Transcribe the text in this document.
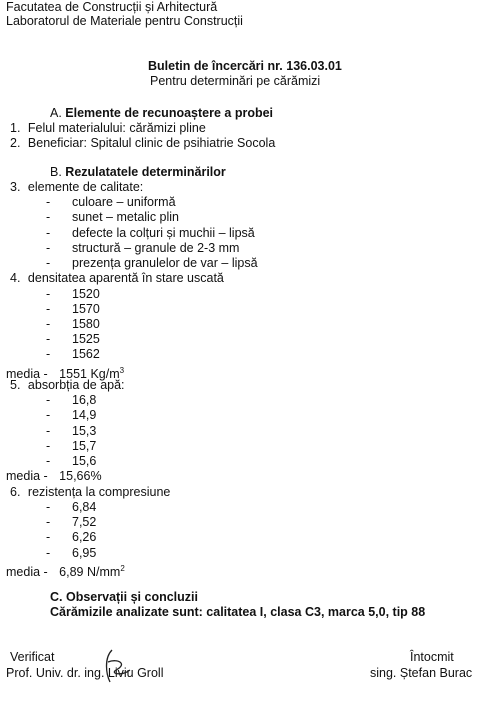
Facutatea de Construcții și Arhitectură
Laboratorul de Materiale pentru Construcții
Buletin de încercări nr. 136.03.01
Pentru determinări pe cărămizi
A. Elemente de recunoaștere a probei
1. Felul materialului: cărămizi pline
2. Beneficiar: Spitalul clinic de psihiatrie Socola
B. Rezulatatele determinărilor
3. elemente de calitate:
- culoare – uniformă
- sunet – metalic plin
- defecte la colțuri și muchii – lipsă
- structură – granule de 2-3 mm
- prezența granulelor de var – lipsă
4. densitatea aparentă în stare uscată
- 1520
- 1570
- 1580
- 1525
- 1562
media - 1551 $Kg/m^3$
5. absorbția de apă:
- 16,8
- 14,9
- 15,3
- 15,7
- 15,6
media - 15,66%
6. rezistența la compresiune
- 6,84
- 7,52
- 6,26
- 6,95
media - 6,89 $N/mm^2$
C. Observații și concluzii
Cărămizile analizate sunt: calitatea I, clasa C3, marca 5,0, tip 88
Verificat
Prof. Univ. dr. ing. Liviu Groll
Întocmit
sing. Ștefan Burac
